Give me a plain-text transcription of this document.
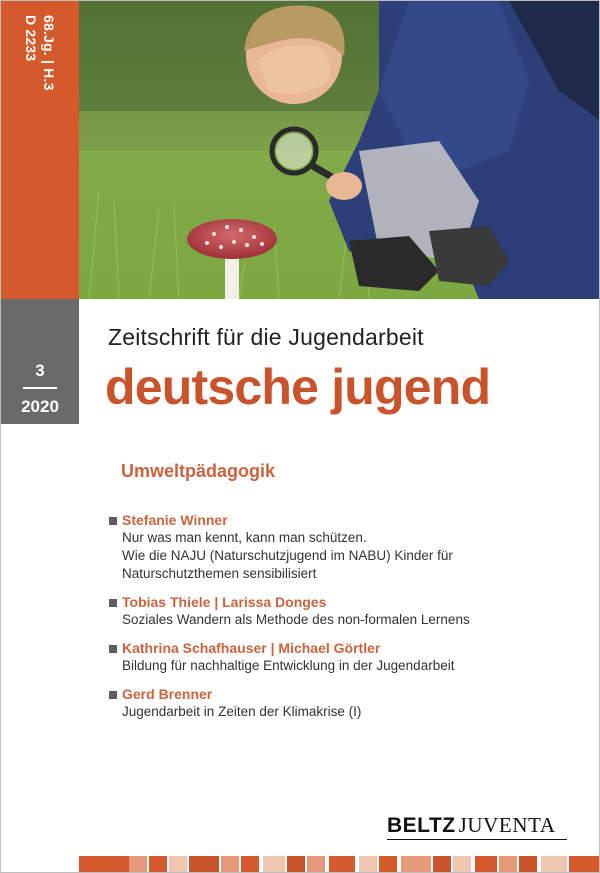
68.Jg. | H.3
D 2233
3
2020
Zeitschrift für die Jugendarbeit
deutsche jugend
Umweltpädagogik
Stefanie Winner
Nur was man kennt, kann man schützen.
Wie die NAJU (Naturschutzjugend im NABU) Kinder für
Naturschutzthemen sensibilisiert
Tobias Thiele | Larissa Donges
Soziales Wandern als Methode des non-formalen Lernens
Kathrina Schafhauser | Michael Görtler
Bildung für nachhaltige Entwicklung in der Jugendarbeit
Gerd Brenner
Jugendarbeit in Zeiten der Klimakrise (I)
BELTZ JUVENTA
